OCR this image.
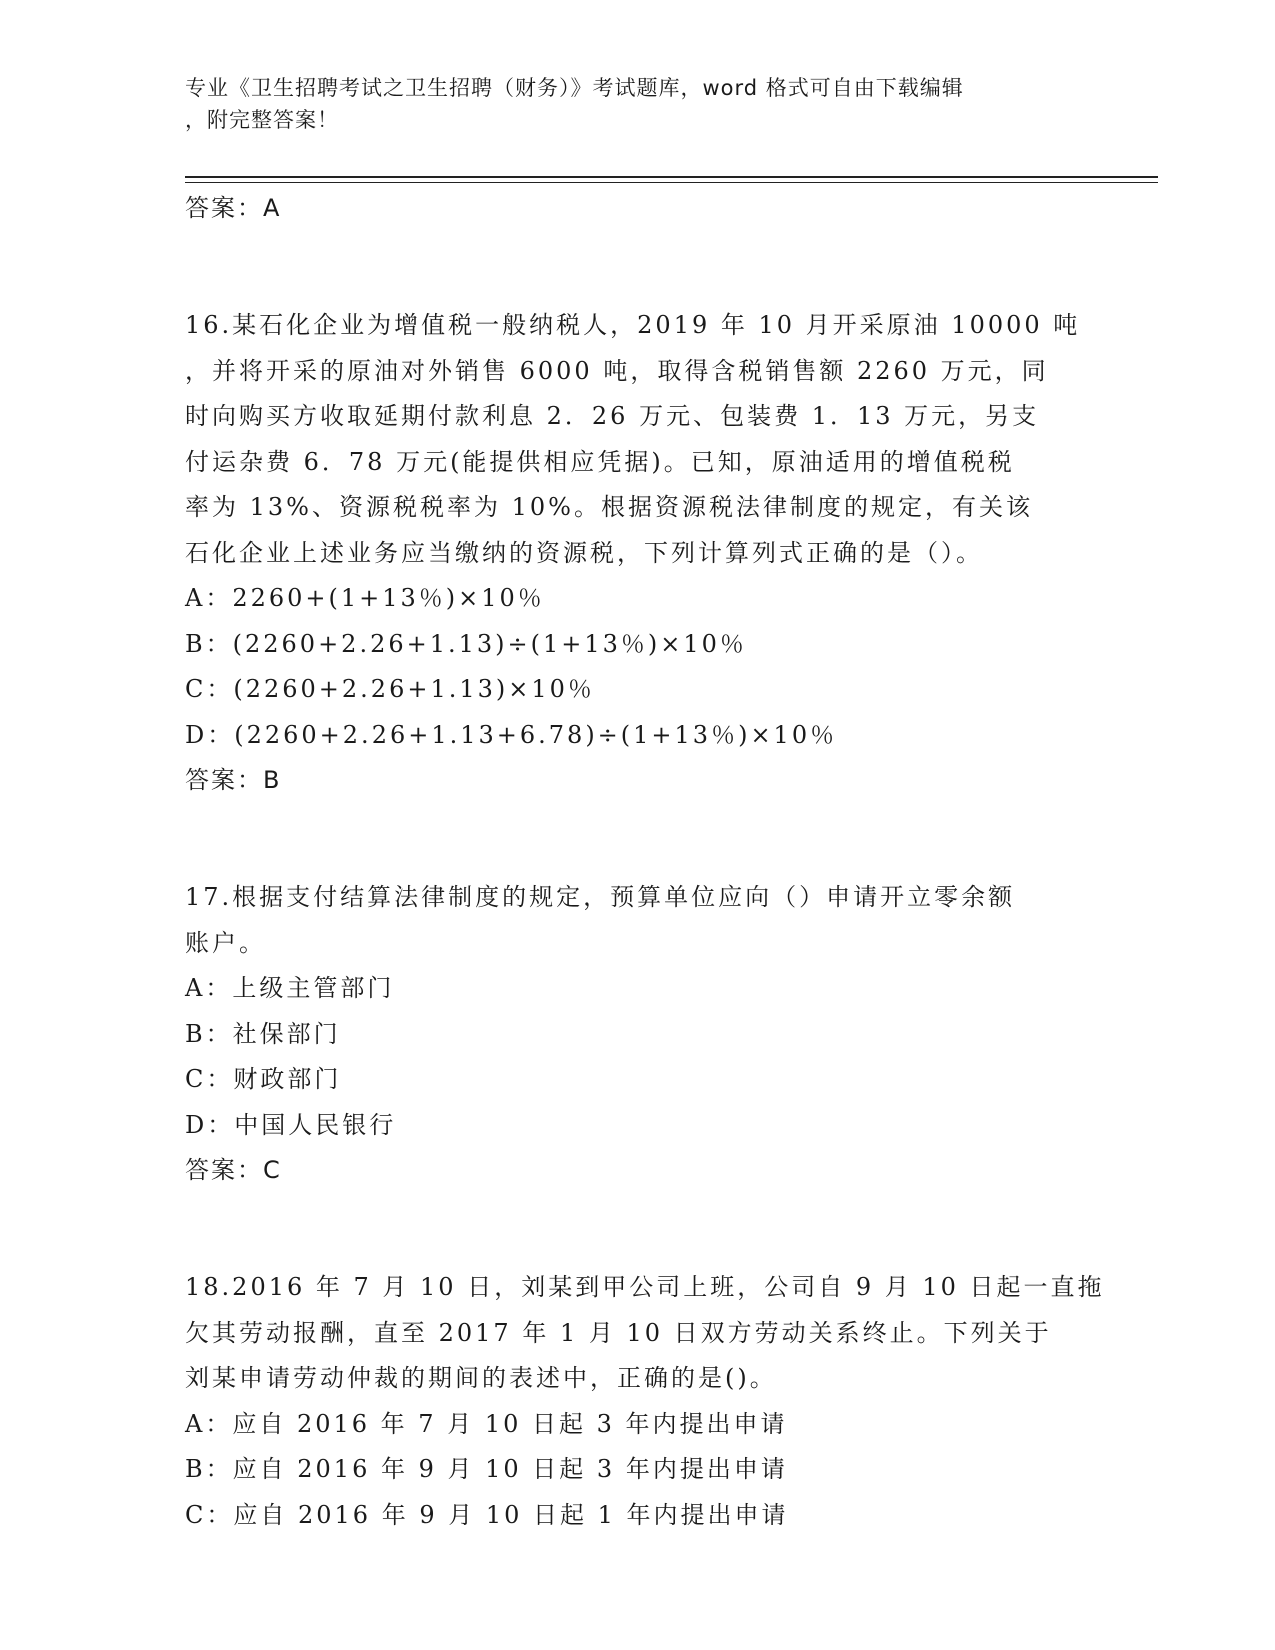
专业《卫生招聘考试之卫生招聘（财务）》考试题库，word 格式可自由下载编辑
，附完整答案！
答案：A
16.某石化企业为增值税一般纳税人，2019 年 10 月开采原油 10000 吨
，并将开采的原油对外销售 6000 吨，取得含税销售额 2260 万元，同
时向购买方收取延期付款利息 2．26 万元、包装费 1．13 万元，另支
付运杂费 6．78 万元(能提供相应凭据)。已知，原油适用的增值税税
率为 13%、资源税税率为 10%。根据资源税法律制度的规定，有关该
石化企业上述业务应当缴纳的资源税，下列计算列式正确的是（）。
A：2260+(1+13％)×10％
B：(2260+2.26+1.13)÷(1+13％)×10％
C：(2260+2.26+1.13)×10％
D：(2260+2.26+1.13+6.78)÷(1+13％)×10％
答案：B
17.根据支付结算法律制度的规定，预算单位应向（）申请开立零余额
账户。
A：上级主管部门
B：社保部门
C：财政部门
D：中国人民银行
答案：C
18.2016 年 7 月 10 日，刘某到甲公司上班，公司自 9 月 10 日起一直拖
欠其劳动报酬，直至 2017 年 1 月 10 日双方劳动关系终止。下列关于
刘某申请劳动仲裁的期间的表述中，正确的是()。
A：应自 2016 年 7 月 10 日起 3 年内提出申请
B：应自 2016 年 9 月 10 日起 3 年内提出申请
C：应自 2016 年 9 月 10 日起 1 年内提出申请
